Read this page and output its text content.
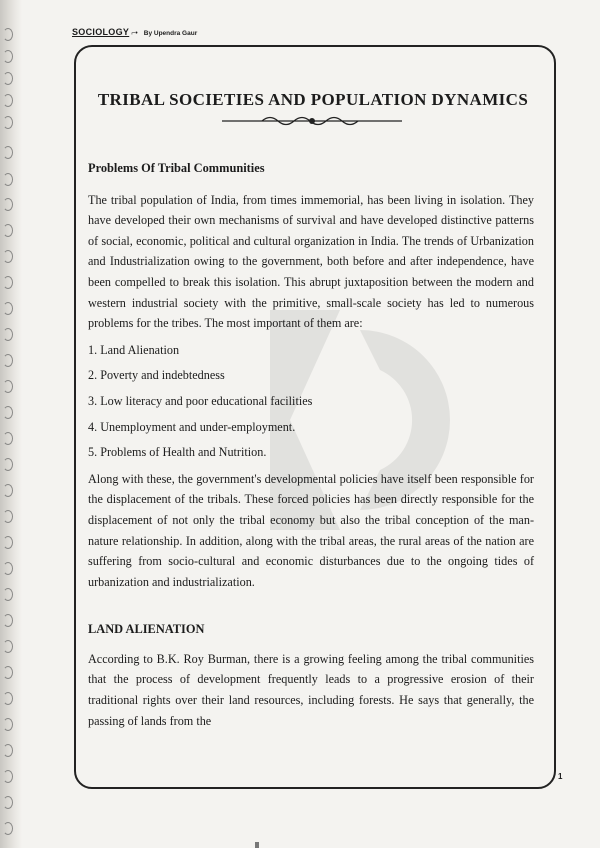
SOCIOLOGY ⌐• By Upendra Gaur
TRIBAL SOCIETIES AND POPULATION DYNAMICS

Problems Of Tribal Communities

The tribal population of India, from times immemorial, has been living in isolation. They have developed their own mechanisms of survival and have developed distinctive patterns of social, economic, political and cultural organization in India. The trends of Urbanization and Industrialization owing to the government, both before and after independence, have been compelled to break this isolation. This abrupt juxtaposition between the modern and western industrial society with the primitive, small-scale society has led to numerous problems for the tribes. The most important of them are:

1. Land Alienation

2. Poverty and indebtedness

3. Low literacy and poor educational facilities

4. Unemployment and under-employment.

5. Problems of Health and Nutrition.

Along with these, the government's developmental policies have itself been responsible for the displacement of the tribals. These forced policies has been directly responsible for the displacement of not only the tribal economy but also the tribal conception of the man-nature relationship. In addition, along with the tribal areas, the rural areas of the nation are suffering from socio-cultural and economic disturbances due to the ongoing tides of urbanization and industrialization.

LAND ALIENATION

According to B.K. Roy Burman, there is a growing feeling among the tribal communities that the process of development frequently leads to a progressive erosion of their traditional rights over their land resources, including forests. He says that generally, the passing of lands from the

1
